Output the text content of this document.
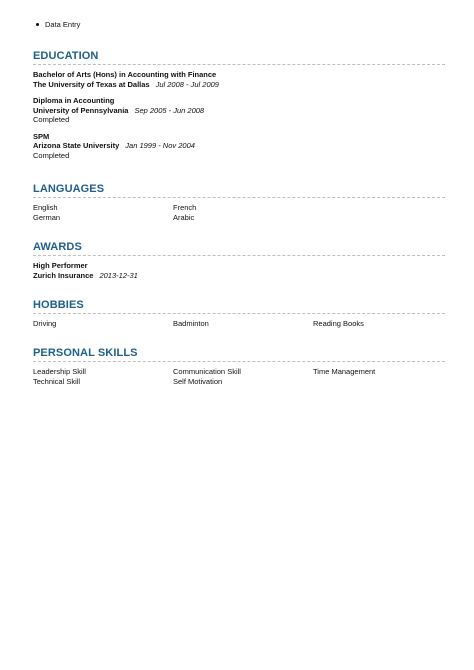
Data Entry
EDUCATION
Bachelor of Arts (Hons) in Accounting with Finance
The University of Texas at Dallas Jul 2008 - Jul 2009
Diploma in Accounting
University of Pennsylvania Sep 2005 - Jun 2008
Completed
SPM
Arizona State University Jan 1999 - Nov 2004
Completed
LANGUAGES
English	French
German	Arabic
AWARDS
High Performer
Zurich Insurance 2013-12-31
HOBBIES
Driving	Badminton	Reading Books
PERSONAL SKILLS
Leadership Skill	Communication Skill	Time Management
Technical Skill	Self Motivation
